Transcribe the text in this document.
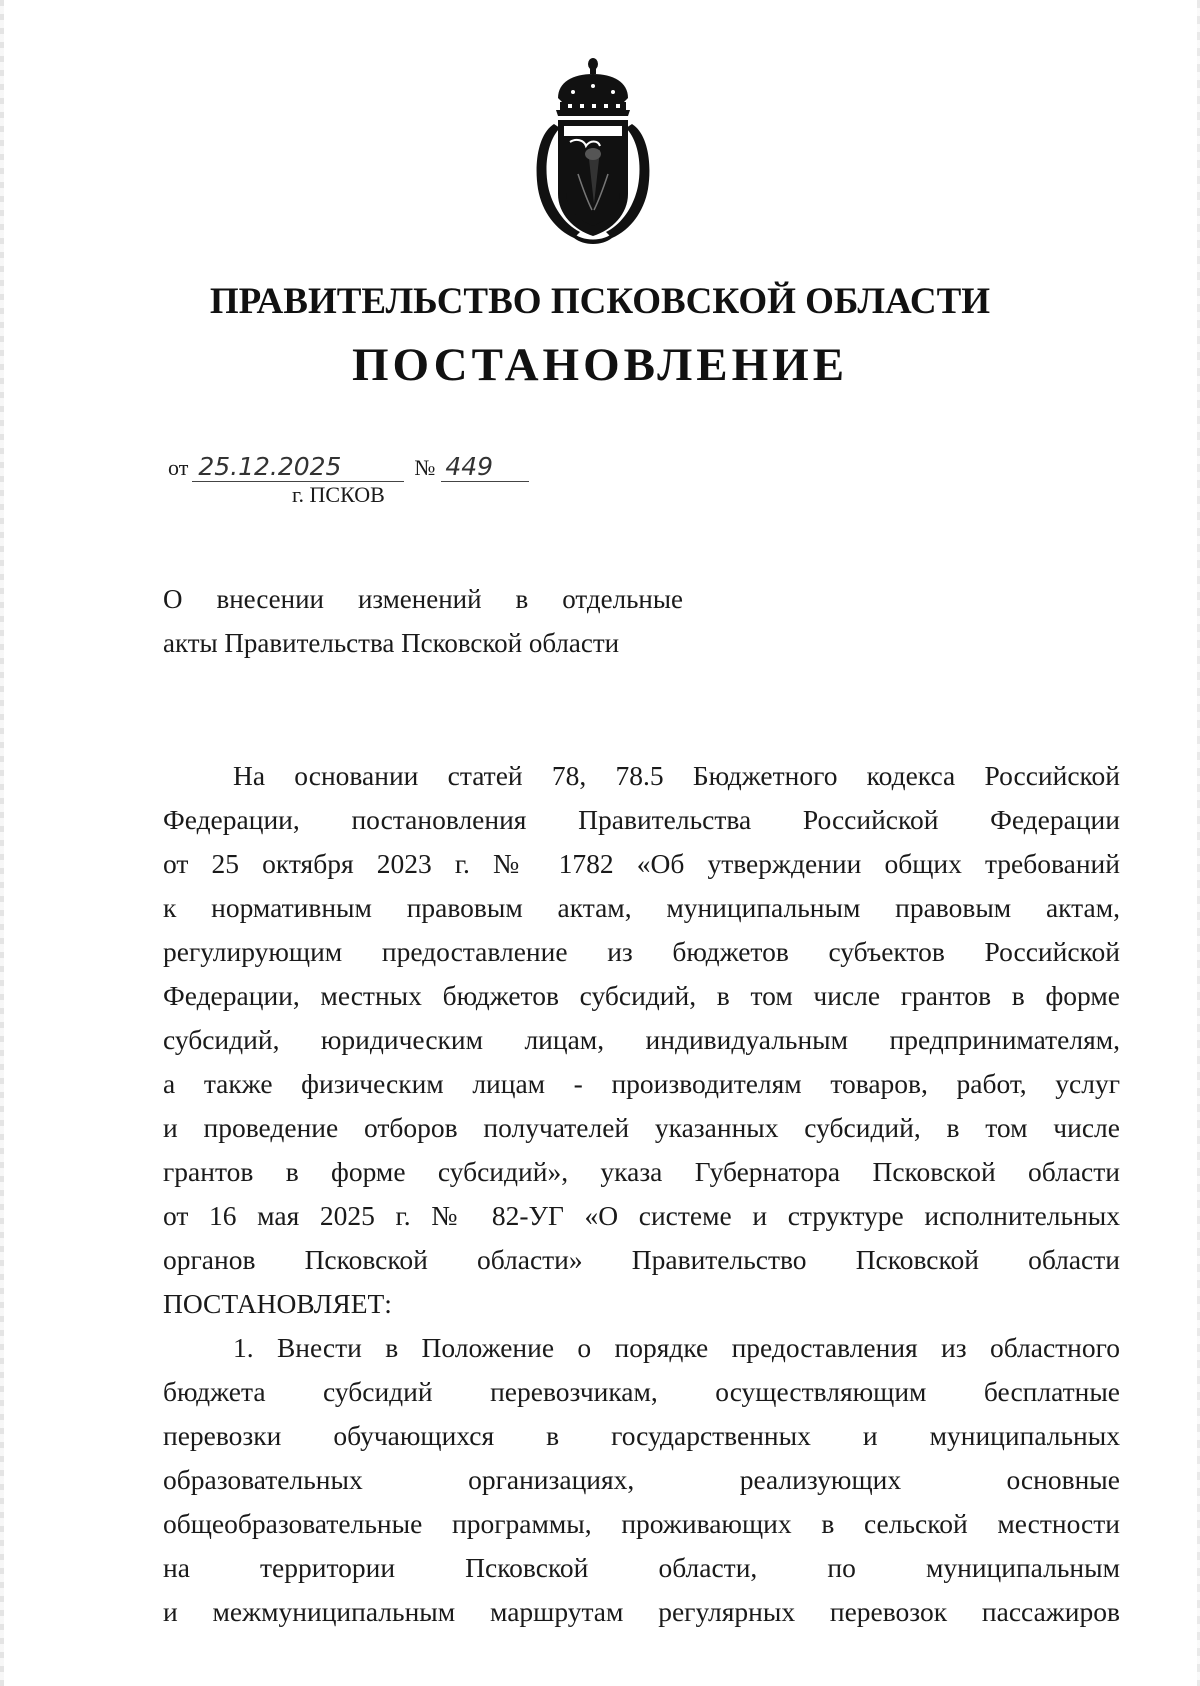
ПРАВИТЕЛЬСТВО ПСКОВСКОЙ ОБЛАСТИ
ПОСТАНОВЛЕНИЕ
от 25.12.2025	№ 449
г. ПСКОВ
О внесении изменений в отдельные
акты Правительства Псковской области
На основании статей 78, 78.5 Бюджетного кодекса Российской
Федерации, постановления Правительства Российской Федерации
от 25 октября 2023 г. № 1782 «Об утверждении общих требований
к нормативным правовым актам, муниципальным правовым актам,
регулирующим предоставление из бюджетов субъектов Российской
Федерации, местных бюджетов субсидий, в том числе грантов в форме
субсидий, юридическим лицам, индивидуальным предпринимателям,
а также физическим лицам - производителям товаров, работ, услуг
и проведение отборов получателей указанных субсидий, в том числе
грантов в форме субсидий», указа Губернатора Псковской области
от 16 мая 2025 г. № 82-УГ «О системе и структуре исполнительных
органов Псковской области» Правительство Псковской области
ПОСТАНОВЛЯЕТ:
1. Внести в Положение о порядке предоставления из областного
бюджета субсидий перевозчикам, осуществляющим бесплатные
перевозки обучающихся в государственных и муниципальных
образовательных организациях, реализующих основные
общеобразовательные программы, проживающих в сельской местности
на территории Псковской области, по муниципальным
и межмуниципальным маршрутам регулярных перевозок пассажиров
